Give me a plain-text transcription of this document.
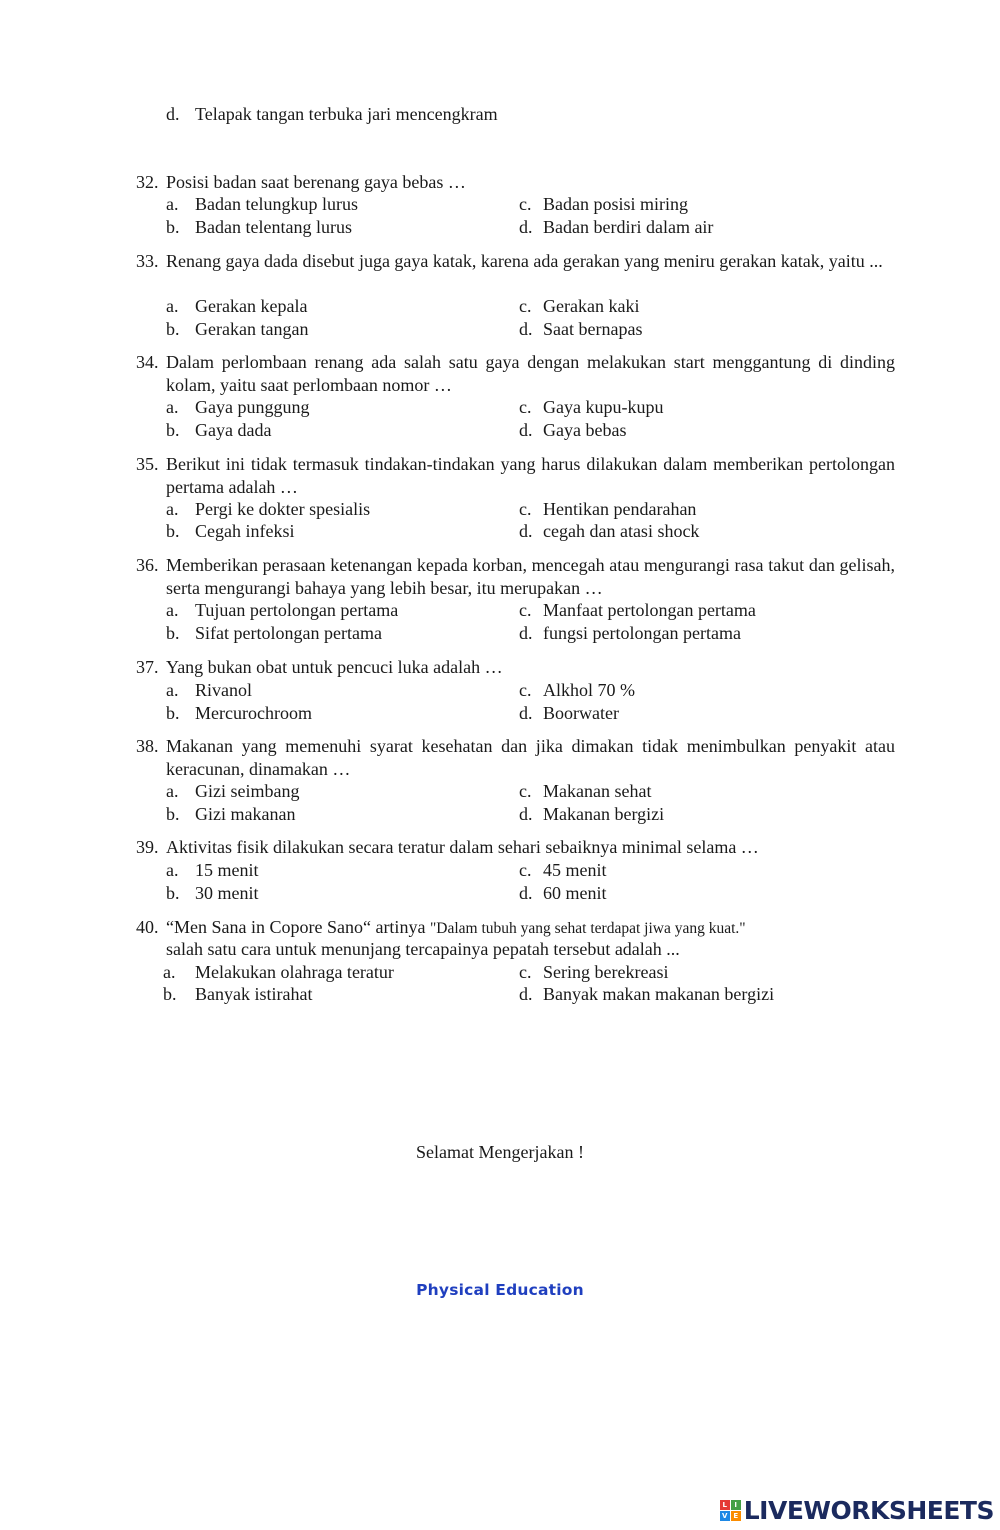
d. Telapak tangan terbuka jari mencengkram
32. Posisi badan saat berenang gaya bebas …
a. Badan telungkup lurus
b. Badan telentang lurus
c. Badan posisi miring
d. Badan berdiri dalam air
33. Renang gaya dada disebut juga gaya katak, karena ada gerakan yang meniru gerakan katak, yaitu ...
a. Gerakan kepala
b. Gerakan tangan
c. Gerakan kaki
d. Saat bernapas
34. Dalam perlombaan renang ada salah satu gaya dengan melakukan start menggantung di dinding kolam, yaitu saat perlombaan nomor …
a. Gaya punggung
b. Gaya dada
c. Gaya kupu-kupu
d. Gaya bebas
35. Berikut ini tidak termasuk tindakan-tindakan yang harus dilakukan dalam memberikan pertolongan pertama adalah …
a. Pergi ke dokter spesialis
b. Cegah infeksi
c. Hentikan pendarahan
d. cegah dan atasi shock
36. Memberikan perasaan ketenangan kepada korban, mencegah atau mengurangi rasa takut dan gelisah, serta mengurangi bahaya yang lebih besar, itu merupakan …
a. Tujuan pertolongan pertama
b. Sifat pertolongan pertama
c. Manfaat pertolongan pertama
d. fungsi pertolongan pertama
37. Yang bukan obat untuk pencuci luka adalah …
a. Rivanol
b. Mercurochroom
c. Alkhol 70 %
d. Boorwater
38. Makanan yang memenuhi syarat kesehatan dan jika dimakan tidak menimbulkan penyakit atau keracunan, dinamakan …
a. Gizi seimbang
b. Gizi makanan
c. Makanan sehat
d. Makanan bergizi
39. Aktivitas fisik dilakukan secara teratur dalam sehari sebaiknya minimal selama …
a. 15 menit
b. 30 menit
c. 45 menit
d. 60 menit
40. “Men Sana in Copore Sano“ artinya "Dalam tubuh yang sehat terdapat jiwa yang kuat."
salah satu cara untuk menunjang tercapainya pepatah tersebut adalah ...
a. Melakukan olahraga teratur
b. Banyak istirahat
c. Sering berekreasi
d. Banyak makan makanan bergizi
Selamat Mengerjakan !
Physical Education
L	I
V E LIVEWORKSHEETS
